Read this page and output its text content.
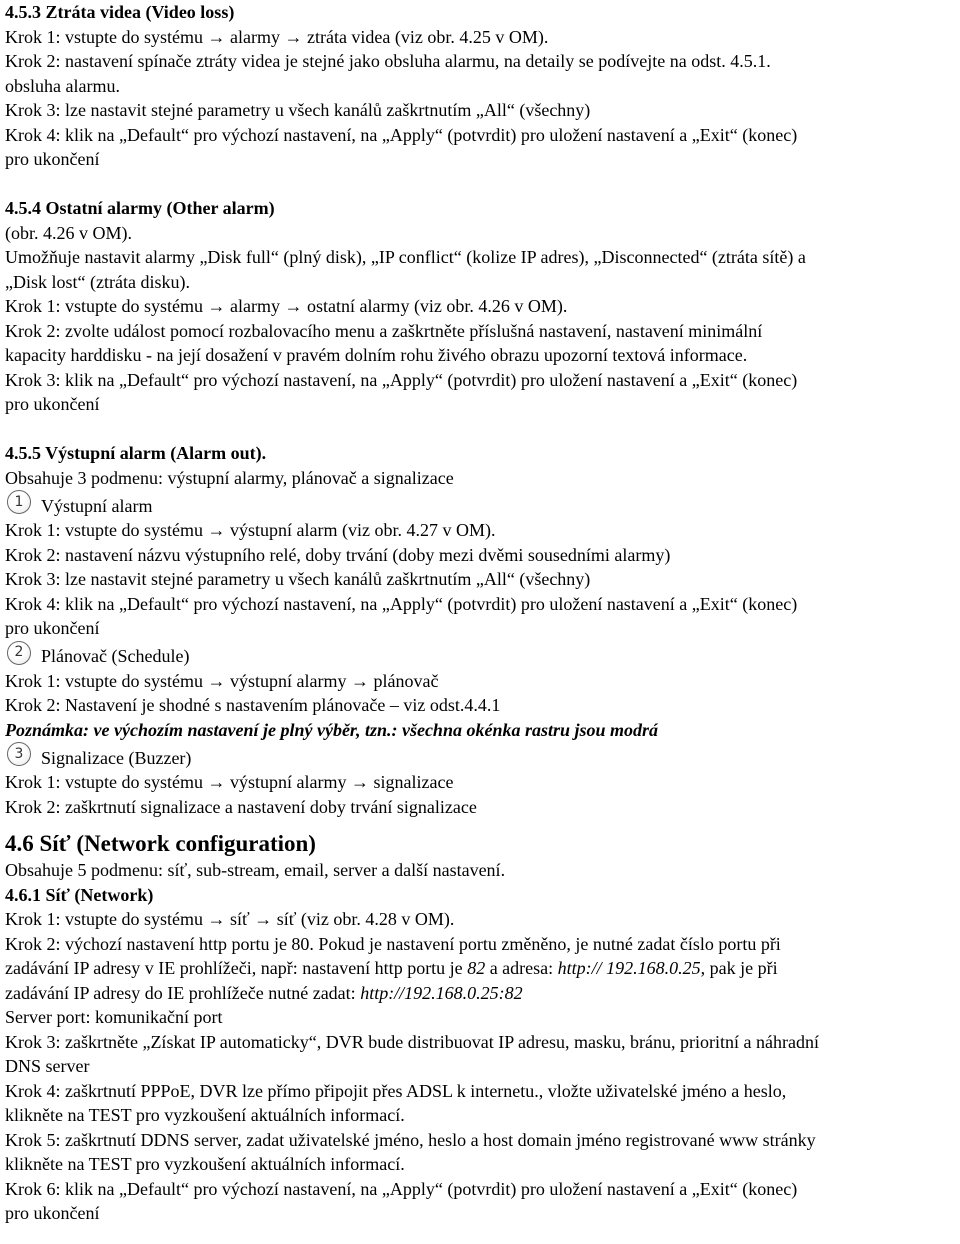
4.5.3 Ztráta videa (Video loss)
Krok 1: vstupte do systému → alarmy → ztráta videa (viz obr. 4.25 v OM).
Krok 2: nastavení spínače ztráty videa je stejné jako obsluha alarmu, na detaily se podívejte na odst. 4.5.1.
obsluha alarmu.
Krok 3: lze nastavit stejné parametry u všech kanálů zaškrtnutím „All“ (všechny)
Krok 4: klik na „Default“ pro výchozí nastavení, na „Apply“ (potvrdit) pro uložení nastavení a „Exit“ (konec)
pro ukončení
4.5.4 Ostatní alarmy (Other alarm)
(obr. 4.26 v OM).
Umožňuje nastavit alarmy „Disk full“ (plný disk), „IP conflict“ (kolize IP adres), „Disconnected“ (ztráta sítě) a
„Disk lost“ (ztráta disku).
Krok 1: vstupte do systému → alarmy → ostatní alarmy (viz obr. 4.26 v OM).
Krok 2: zvolte událost pomocí rozbalovacího menu a zaškrtněte příslušná nastavení, nastavení minimální
kapacity harddisku - na její dosažení v pravém dolním rohu živého obrazu upozorní textová informace.
Krok 3: klik na „Default“ pro výchozí nastavení, na „Apply“ (potvrdit) pro uložení nastavení a „Exit“ (konec)
pro ukončení
4.5.5 Výstupní alarm (Alarm out).
Obsahuje 3 podmenu: výstupní alarmy, plánovač a signalizace
1 Výstupní alarm
Krok 1: vstupte do systému → výstupní alarm (viz obr. 4.27 v OM).
Krok 2: nastavení názvu výstupního relé, doby trvání (doby mezi dvěmi sousedními alarmy)
Krok 3: lze nastavit stejné parametry u všech kanálů zaškrtnutím „All“ (všechny)
Krok 4: klik na „Default“ pro výchozí nastavení, na „Apply“ (potvrdit) pro uložení nastavení a „Exit“ (konec)
pro ukončení
2 Plánovač (Schedule)
Krok 1: vstupte do systému → výstupní alarmy → plánovač
Krok 2: Nastavení je shodné s nastavením plánovače – viz odst.4.4.1
Poznámka: ve výchozím nastavení je plný výběr, tzn.: všechna okénka rastru jsou modrá
3 Signalizace (Buzzer)
Krok 1: vstupte do systému → výstupní alarmy → signalizace
Krok 2: zaškrtnutí signalizace a nastavení doby trvání signalizace
4.6 Síť (Network configuration)
Obsahuje 5 podmenu: síť, sub-stream, email, server a další nastavení.
4.6.1 Síť (Network)
Krok 1: vstupte do systému → síť → síť (viz obr. 4.28 v OM).
Krok 2: výchozí nastavení http portu je 80. Pokud je nastavení portu změněno, je nutné zadat číslo portu při
zadávání IP adresy v IE prohlížeči, např: nastavení http portu je 82 a adresa: http:// 192.168.0.25, pak je při
zadávání IP adresy do IE prohlížeče nutné zadat: http://192.168.0.25:82
Server port: komunikační port
Krok 3: zaškrtněte „Získat IP automaticky“, DVR bude distribuovat IP adresu, masku, bránu, prioritní a náhradní
DNS server
Krok 4: zaškrtnutí PPPoE, DVR lze přímo připojit přes ADSL k internetu., vložte uživatelské jméno a heslo,
klikněte na TEST pro vyzkoušení aktuálních informací.
Krok 5: zaškrtnutí DDNS server, zadat uživatelské jméno, heslo a host domain jméno registrované www stránky
klikněte na TEST pro vyzkoušení aktuálních informací.
Krok 6: klik na „Default“ pro výchozí nastavení, na „Apply“ (potvrdit) pro uložení nastavení a „Exit“ (konec)
pro ukončení
